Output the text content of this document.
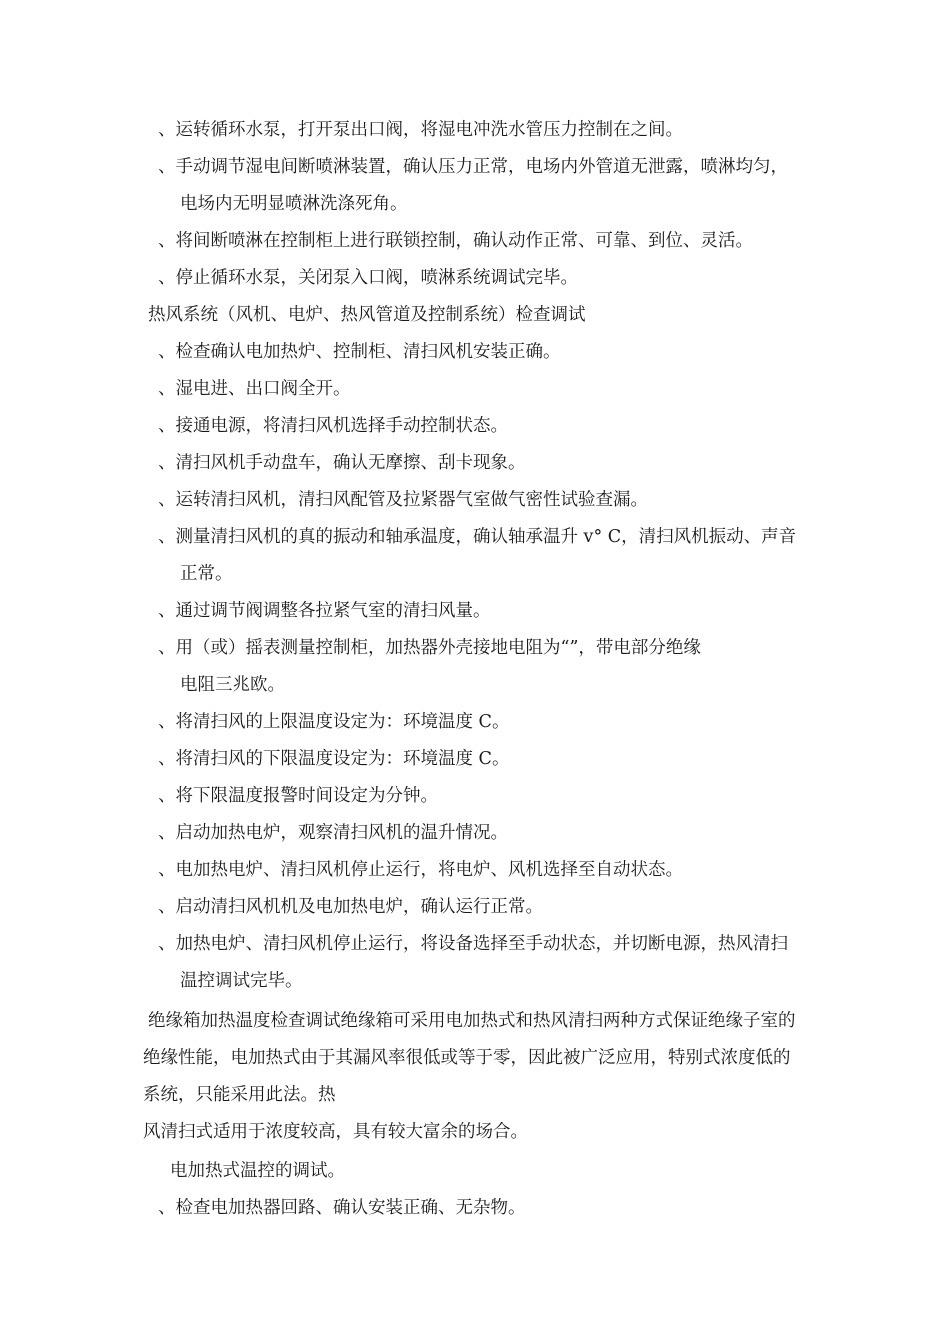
、运转循环水泵，打开泵出口阀，将湿电冲洗水管压力控制在之间。
、手动调节湿电间断喷淋装置，确认压力正常，电场内外管道无泄露，喷淋均匀，
电场内无明显喷淋洗涤死角。
、将间断喷淋在控制柜上进行联锁控制，确认动作正常、可靠、到位、灵活。
、停止循环水泵，关闭泵入口阀，喷淋系统调试完毕。
热风系统（风机、电炉、热风管道及控制系统）检查调试
、检查确认电加热炉、控制柜、清扫风机安装正确。
、湿电进、出口阀全开。
、接通电源，将清扫风机选择手动控制状态。
、清扫风机手动盘车，确认无摩擦、刮卡现象。
、运转清扫风机，清扫风配管及拉紧器气室做气密性试验查漏。
、测量清扫风机的真的振动和轴承温度，确认轴承温升 v° C，清扫风机振动、声音
正常。
、通过调节阀调整各拉紧气室的清扫风量。
、用（或）摇表测量控制柜，加热器外壳接地电阻为“”，带电部分绝缘
电阻三兆欧。
、将清扫风的上限温度设定为：环境温度 C。
、将清扫风的下限温度设定为：环境温度 C。
、将下限温度报警时间设定为分钟。
、启动加热电炉，观察清扫风机的温升情况。
、电加热电炉、清扫风机停止运行，将电炉、风机选择至自动状态。
、启动清扫风机机及电加热电炉，确认运行正常。
、加热电炉、清扫风机停止运行，将设备选择至手动状态，并切断电源，热风清扫
温控调试完毕。
绝缘箱加热温度检查调试绝缘箱可采用电加热式和热风清扫两种方式保证绝缘子室的
绝缘性能，电加热式由于其漏风率很低或等于零，因此被广泛应用，特别式浓度低的
系统，只能采用此法。热
风清扫式适用于浓度较高，具有较大富余的场合。
电加热式温控的调试。
、检查电加热器回路、确认安装正确、无杂物。
